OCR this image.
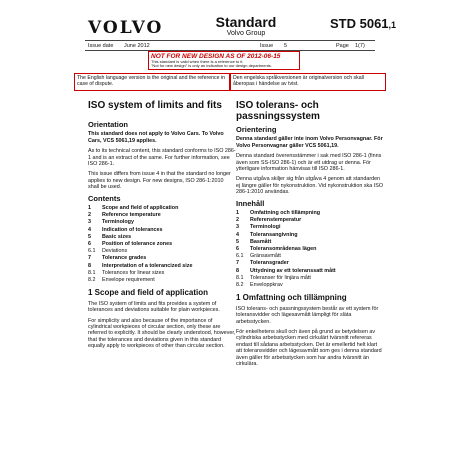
VOLVO	Standard
Volvo Group
STD 5061,1
Issue date June 2012	Issue 5	Page 1(7)
NOT FOR NEW DESIGN AS OF 2012-06-15
This standard is valid when there is a reference to it.
"Not for new design" is only an indication to our design departments.
The English language version is the original and the reference in case of dispute.
Den engelska språkversionen är originalversion och skall åberopas i händelse av tvist.
ISO system of limits and fits
Orientation
This standard does not apply to Volvo Cars. To Volvo Cars, VCS 5061,19 applies.
As to its technical content, this standard conforms to ISO 286-1 and is an extract of the same. For further information, see ISO 286-1.
This issue differs from issue 4 in that the standard no longer applies to new design. For new designs, ISO 286-1:2010 shall be used.
Contents
1	Scope and field of application
2	Reference temperature
3	Terminology
4	Indication of tolerances
5	Basic sizes
6	Position of tolerance zones
6.1	Deviations
7	Tolerance grades
8	Interpretation of a tolerancized size
8.1	Tolerances for linear sizes
8.2	Envelope requirement
1 Scope and field of application
The ISO system of limits and fits provides a system of tolerances and deviations suitable for plain workpieces.
For simplicity and also because of the importance of cylindrical workpieces of circular section, only these are referred to explicitly. It should be clearly understood, however, that the tolerances and deviations given in this standard equally apply to workpieces of other than circular section.
ISO tolerans- och passningssystem
Orientering
Denna standard gäller inte inom Volvo Personvagnar. För Volvo Personvagnar gäller VCS 5061,19.
Denna standard överensstämmer i sak med ISO 286-1 (finns även som SS-ISO 286-1) och är ett utdrag ur denna. För ytterligare information hänvisas till ISO 286-1.
Denna utgåva skiljer sig från utgåva 4 genom att standarden ej längre gäller för nykonstruktion. Vid nykonstruktion ska ISO 286-1:2010 användas.
Innehåll
1	Omfattning och tillämpning
2	Referenstemperatur
3	Terminologi
4	Toleransangivning
5	Basmått
6	Toleransområdenas lägen
6.1	Gränsavmått
7	Toleransgrader
8	Uttydning av ett toleranssatt mått
8.1	Toleranser för linjära mått
8.2	Enveloppkrav
1 Omfattning och tillämpning
ISO tolerans- och passningssystem består av ett system för toleransvidder och lägesavmått lämpligt för släta arbetsstycken.
För enkelhetens skull och även på grund av betydelsen av cylindriska arbetsstycken med cirkulärt tvärsnitt refereras endast till sådana arbetsstycken. Det är emellertid helt klart att toleransvidder och lägesavmått som ges i denna standard även gäller för arbetsstycken som har andra tvärsnitt än cirkulära.
